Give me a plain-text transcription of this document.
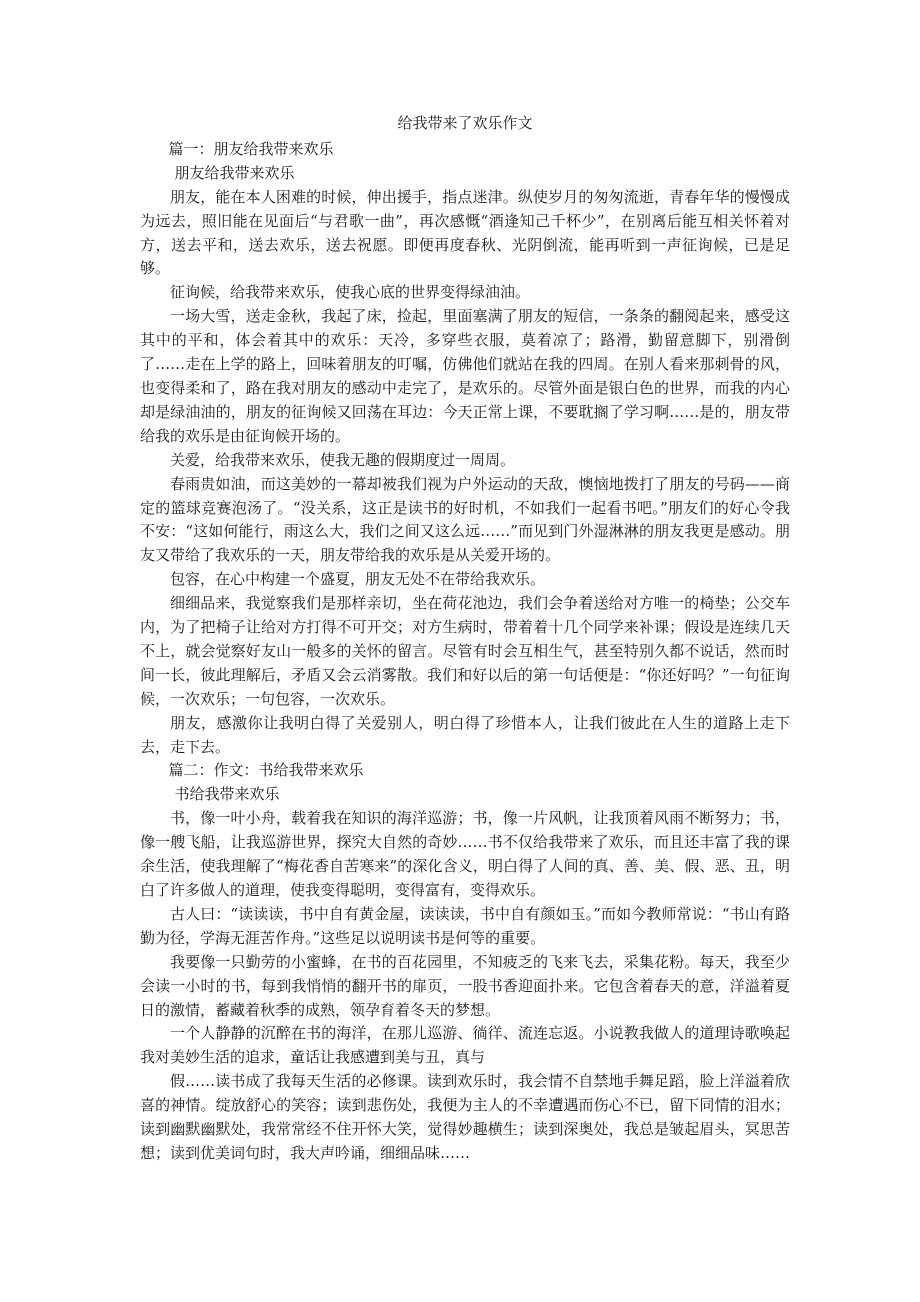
给我带来了欢乐作文
篇一：朋友给我带来欢乐
朋友给我带来欢乐
朋友，能在本人困难的时候，伸出援手，指点迷津。纵使岁月的匆匆流逝，青春年华的慢慢成为远去，照旧能在见面后“与君歌一曲”，再次感慨“酒逢知己千杯少”，在别离后能互相关怀着对方，送去平和，送去欢乐，送去祝愿。即便再度春秋、光阴倒流，能再听到一声征询候，已是足够。
征询候，给我带来欢乐，使我心底的世界变得绿油油。
一场大雪，送走金秋，我起了床，捡起，里面塞满了朋友的短信，一条条的翻阅起来，感受这其中的平和，体会着其中的欢乐：天冷，多穿些衣服，莫着凉了；路滑，勤留意脚下，别滑倒了……走在上学的路上，回味着朋友的叮嘱，仿佛他们就站在我的四周。在别人看来那刺骨的风，也变得柔和了，路在我对朋友的感动中走完了，是欢乐的。尽管外面是银白色的世界，而我的内心却是绿油油的，朋友的征询候又回荡在耳边：今天正常上课，不要耽搁了学习啊……是的，朋友带给我的欢乐是由征询候开场的。
关爱，给我带来欢乐，使我无趣的假期度过一周周。
春雨贵如油，而这美妙的一幕却被我们视为户外运动的天敌，懊恼地拨打了朋友的号码——商定的篮球竞赛泡汤了。“没关系，这正是读书的好时机，不如我们一起看书吧。”朋友们的好心令我不安：“这如何能行，雨这么大，我们之间又这么远……”而见到门外湿淋淋的朋友我更是感动。朋友又带给了我欢乐的一天，朋友带给我的欢乐是从关爱开场的。
包容，在心中构建一个盛夏，朋友无处不在带给我欢乐。
细细品来，我觉察我们是那样亲切，坐在荷花池边，我们会争着送给对方唯一的椅垫；公交车内，为了把椅子让给对方打得不可开交；对方生病时，带着着十几个同学来补课；假设是连续几天不上，就会觉察好友山一般多的关怀的留言。尽管有时会互相生气，甚至特别久都不说话，然而时间一长，彼此理解后，矛盾又会云消雾散。我们和好以后的第一句话便是：“你还好吗？”一句征询候，一次欢乐；一句包容，一次欢乐。
朋友，感激你让我明白得了关爱别人，明白得了珍惜本人，让我们彼此在人生的道路上走下去，走下去。
篇二：作文：书给我带来欢乐
书给我带来欢乐
书，像一叶小舟，载着我在知识的海洋巡游；书，像一片风帆，让我顶着风雨不断努力；书，像一艘飞船，让我巡游世界，探究大自然的奇妙……书不仅给我带来了欢乐，而且还丰富了我的课余生活，使我理解了“梅花香自苦寒来”的深化含义，明白得了人间的真、善、美、假、恶、丑，明白了许多做人的道理，使我变得聪明，变得富有，变得欢乐。
古人曰：“读读读，书中自有黄金屋，读读读，书中自有颜如玉。”而如今教师常说：“书山有路勤为径，学海无涯苦作舟。”这些足以说明读书是何等的重要。
我要像一只勤劳的小蜜蜂，在书的百花园里，不知疲乏的飞来飞去，采集花粉。每天，我至少会读一小时的书，每到我悄悄的翻开书的扉页，一股书香迎面扑来。它包含着春天的意，洋溢着夏日的激情，蓄藏着秋季的成熟，领孕育着冬天的梦想。
一个人静静的沉醉在书的海洋，在那儿巡游、徜徉、流连忘返。小说教我做人的道理诗歌唤起我对美妙生活的追求，童话让我感遭到美与丑，真与
假……读书成了我每天生活的必修课。读到欢乐时，我会情不自禁地手舞足蹈，脸上洋溢着欣喜的神情。绽放舒心的笑容；读到悲伤处，我便为主人的不幸遭遇而伤心不已，留下同情的泪水；读到幽默幽默处，我常常经不住开怀大笑，觉得妙趣横生；读到深奥处，我总是皱起眉头，冥思苦想；读到优美词句时，我大声吟诵，细细品味……
